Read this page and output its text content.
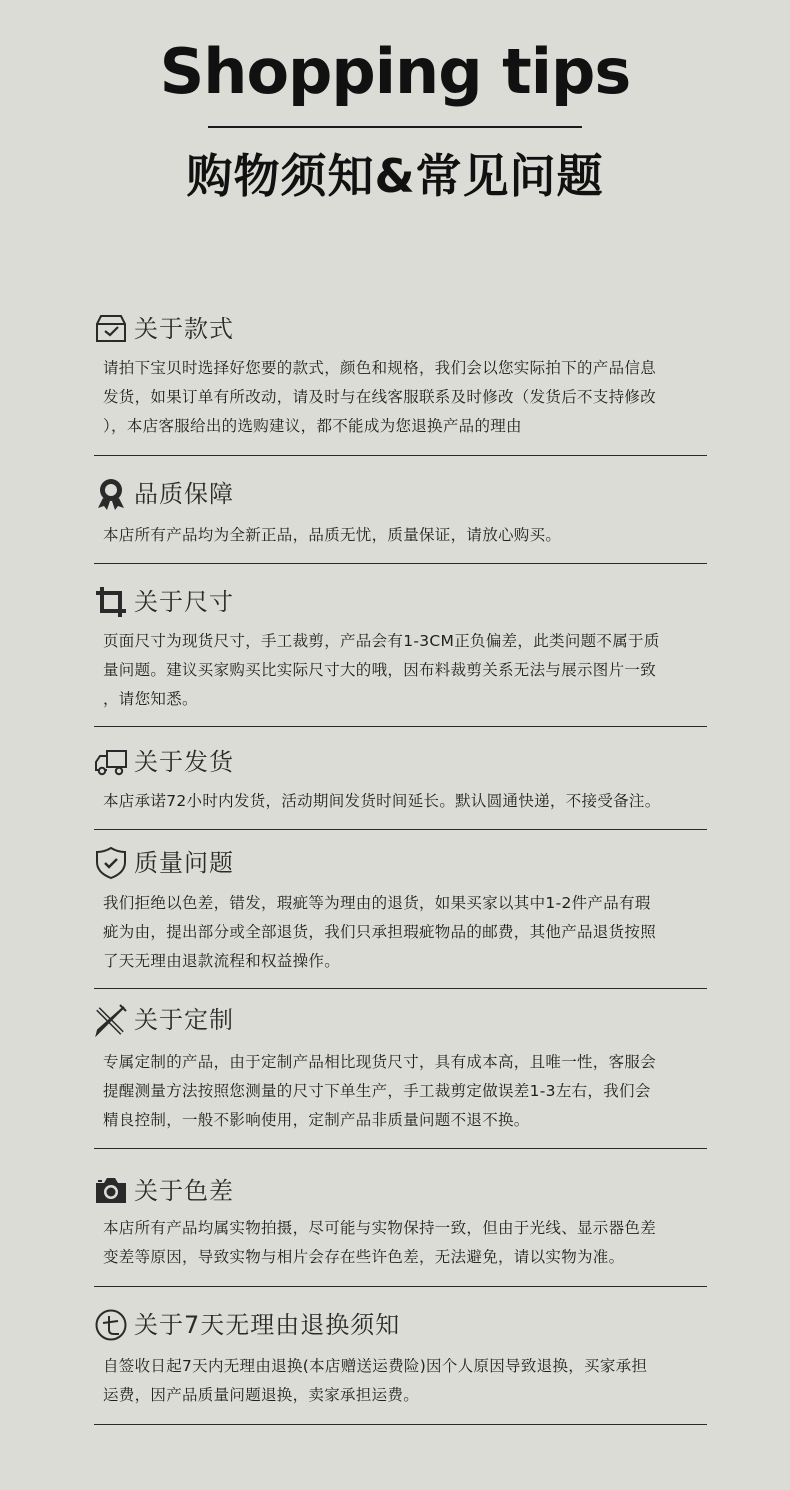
Shopping tips
购物须知&常见问题
关于款式
请拍下宝贝时选择好您要的款式，颜色和规格，我们会以您实际拍下的产品信息
发货，如果订单有所改动，请及时与在线客服联系及时修改（发货后不支持修改
），本店客服给出的选购建议，都不能成为您退换产品的理由
品质保障
本店所有产品均为全新正品，品质无忧，质量保证，请放心购买。
关于尺寸
页面尺寸为现货尺寸，手工裁剪，产品会有1-3CM正负偏差，此类问题不属于质
量问题。建议买家购买比实际尺寸大的哦，因布料裁剪关系无法与展示图片一致
，请您知悉。
关于发货
本店承诺72小时内发货，活动期间发货时间延长。默认圆通快递，不接受备注。
质量问题
我们拒绝以色差，错发，瑕疵等为理由的退货，如果买家以其中1-2件产品有瑕
疵为由，提出部分或全部退货，我们只承担瑕疵物品的邮费，其他产品退货按照
了天无理由退款流程和权益操作。
关于定制
专属定制的产品，由于定制产品相比现货尺寸，具有成本高，且唯一性，客服会
提醒测量方法按照您测量的尺寸下单生产，手工裁剪定做误差1-3左右，我们会
精良控制，一般不影响使用，定制产品非质量问题不退不换。
关于色差
本店所有产品均属实物拍摄，尽可能与实物保持一致，但由于光线、显示器色差
变差等原因，导致实物与相片会存在些许色差，无法避免，请以实物为准。
关于7天无理由退换须知
自签收日起7天内无理由退换(本店赠送运费险)因个人原因导致退换，买家承担
运费，因产品质量问题退换，卖家承担运费。
